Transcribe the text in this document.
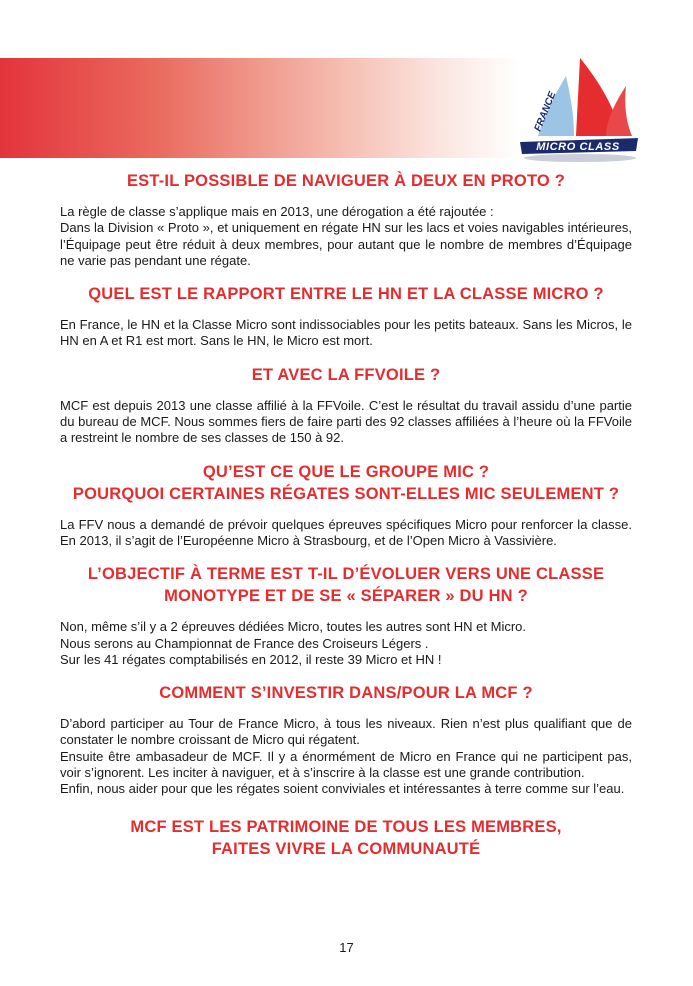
FRANCE
MICRO CLASS
EST-IL POSSIBLE DE NAVIGUER À DEUX EN PROTO ?

La règle de classe s’applique mais en 2013, une dérogation a été rajoutée :

Dans la Division « Proto », et uniquement en régate HN sur les lacs et voies navigables intérieures, l’Équipage peut être réduit à deux membres, pour autant que le nombre de membres d’Équipage ne varie pas pendant une régate.

QUEL EST LE RAPPORT ENTRE LE HN ET LA CLASSE MICRO ?

En France, le HN et la Classe Micro sont indissociables pour les petits bateaux. Sans les Micros, le HN en A et R1 est mort. Sans le HN, le Micro est mort.

ET AVEC LA FFVOILE ?

MCF est depuis 2013 une classe affilié à la FFVoile. C’est le résultat du travail assidu d’une partie du bureau de MCF. Nous sommes fiers de faire parti des 92 classes affiliées à l’heure où la FFVoile a restreint le nombre de ses classes de 150 à 92.

QU’EST CE QUE LE GROUPE MIC ?
POURQUOI CERTAINES RÉGATES SONT-ELLES MIC SEULEMENT ?

La FFV nous a demandé de prévoir quelques épreuves spécifiques Micro pour renforcer la classe. En 2013, il s’agit de l’Européenne Micro à Strasbourg, et de l’Open Micro à Vassivière.

L’OBJECTIF À TERME EST T-IL D’ÉVOLUER VERS UNE CLASSE
MONOTYPE ET DE SE « SÉPARER » DU HN ?

Non, même s’il y a 2 épreuves dédiées Micro, toutes les autres sont HN et Micro.

Nous serons au Championnat de France des Croiseurs Légers .

Sur les 41 régates comptabilisés en 2012, il reste 39 Micro et HN !

COMMENT S’INVESTIR DANS/POUR LA MCF ?

D’abord participer au Tour de France Micro, à tous les niveaux. Rien n’est plus qualifiant que de constater le nombre croissant de Micro qui régatent.

Ensuite être ambasadeur de MCF. Il y a énormément de Micro en France qui ne participent pas, voir s’ignorent. Les inciter à naviguer, et à s’inscrire à la classe est une grande contribution.

Enfin, nous aider pour que les régates soient conviviales et intéressantes à terre comme sur l’eau.

MCF EST LES PATRIMOINE DE TOUS LES MEMBRES,
FAITES VIVRE LA COMMUNAUTÉ
17
